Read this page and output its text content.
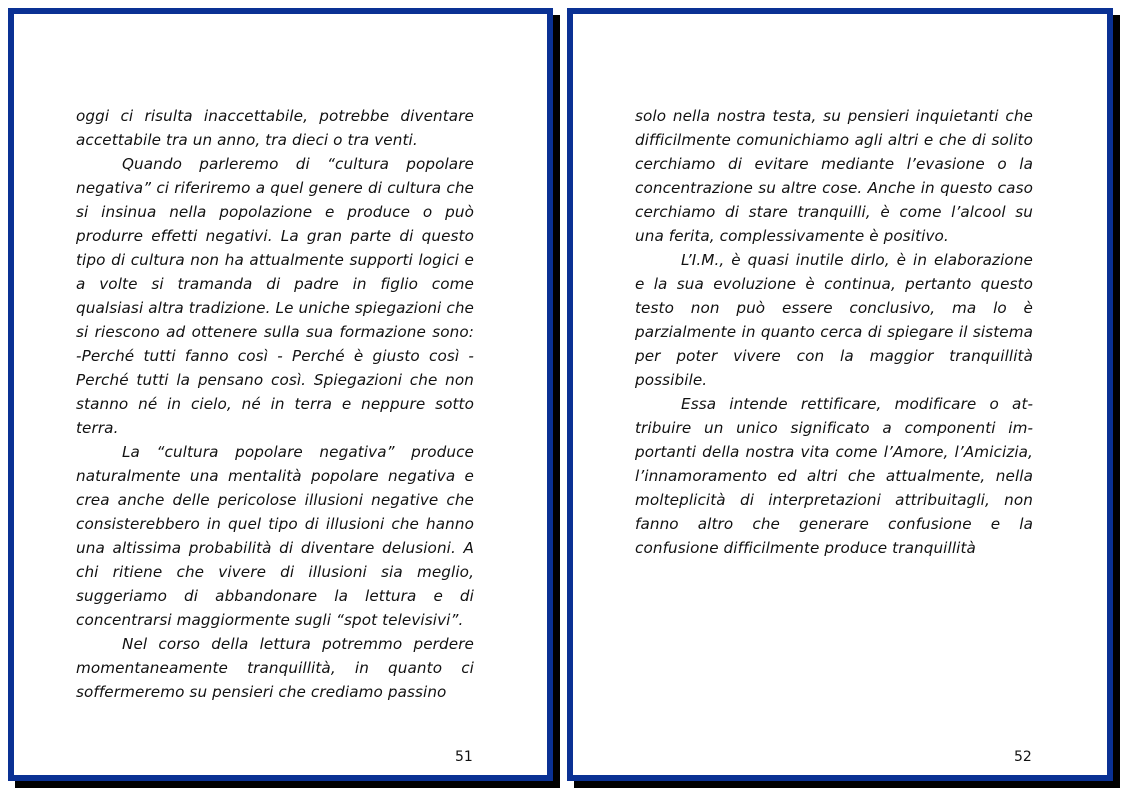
oggi ci risulta inaccettabile, potrebbe diventare accettabile tra un anno, tra dieci o tra venti.

Quando parleremo di “cultura popolare negativa” ci riferiremo a quel genere di cultura che si insinua nella popolazione e produce o può produrre effetti negativi. La gran parte di questo tipo di cultura non ha attualmente supporti logici e a volte si tramanda di padre in figlio come qualsiasi altra tradizione. Le uniche spiegazioni che si riescono ad ottenere sulla sua formazione sono: -Perché tutti fanno così - Perché è giusto così - Perché tutti la pensano così. Spiegazioni che non stanno né in cielo, né in terra e neppure sotto terra.

La “cultura popolare negativa” produce naturalmente una mentalità popolare negativa e crea anche delle pericolose illusioni negative che consisterebbero in quel tipo di illusioni che hanno una altissima probabilità di diventare delusioni. A chi ritiene che vivere di illusioni sia meglio, suggeriamo di abbandonare la lettura e di concentrarsi maggiormente sugli “spot televisivi”.

Nel corso della lettura potremmo perdere momentaneamente tranquillità, in quanto ci soffermeremo su pensieri che crediamo passino

51

solo nella nostra testa, su pensieri inquietanti che difficilmente comunichiamo agli altri e che di solito cerchiamo di evitare mediante l’evasione o la concentrazione su altre cose. Anche in questo caso cerchiamo di stare tranquilli, è come l’alcool su una ferita, complessivamente è positivo.

L’I.M., è quasi inutile dirlo, è in elaborazione e la sua evoluzione è continua, pertanto questo testo non può essere conclusivo, ma lo è parzialmente in quanto cerca di spiegare il sistema per poter vivere con la maggior tranquillità possibile.

Essa intende rettificare, modificare o attribuire un unico significato a componenti importanti della nostra vita come l’Amore, l’Amicizia, l’innamoramento ed altri che attualmente, nella molteplicità di interpretazioni attribuitagli, non fanno altro che generare confusione e la confusione difficilmente produce tranquillità

52
